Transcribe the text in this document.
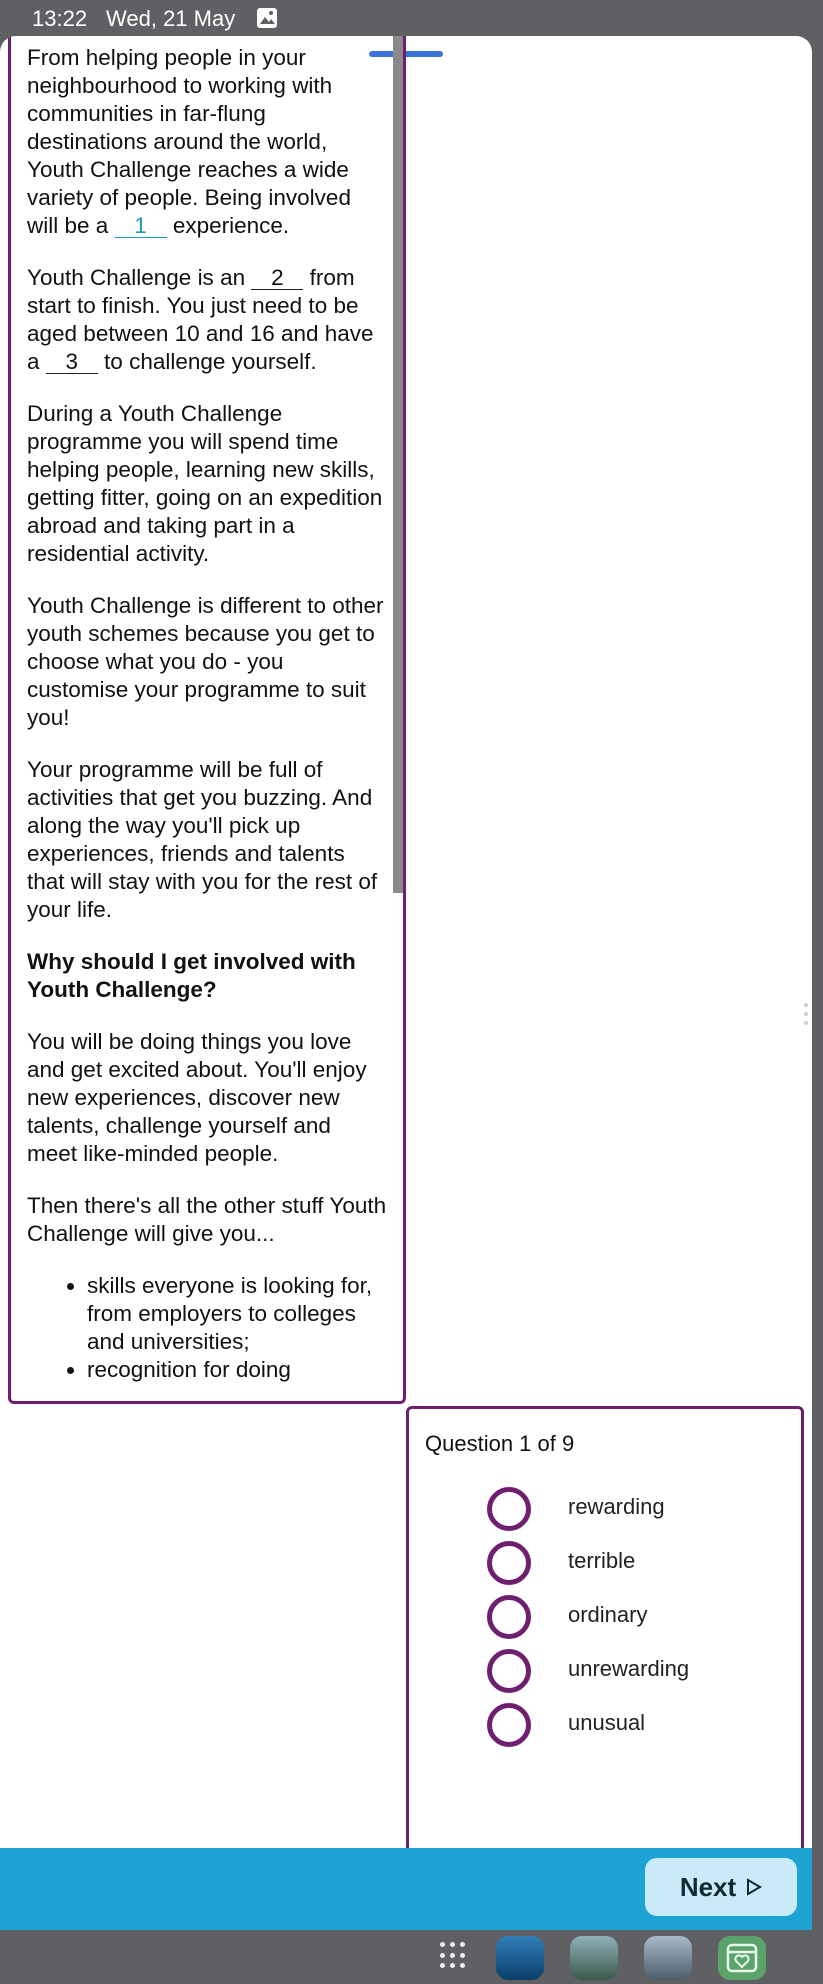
13:22 Wed, 21 May

From helping people in your neighbourhood to working with communities in far-flung destinations around the world, Youth Challenge reaches a wide variety of people. Being involved will be a 1 experience.

Youth Challenge is an 2 from start to finish. You just need to be aged between 10 and 16 and have a 3 to challenge yourself.

During a Youth Challenge programme you will spend time helping people, learning new skills, getting fitter, going on an expedition abroad and taking part in a residential activity.

Youth Challenge is different to other youth schemes because you get to choose what you do - you customise your programme to suit you!

Your programme will be full of activities that get you buzzing. And along the way you'll pick up experiences, friends and talents that will stay with you for the rest of your life.

Why should I get involved with Youth Challenge?

You will be doing things you love and get excited about. You'll enjoy new experiences, discover new talents, challenge yourself and meet like-minded people.

Then there's all the other stuff Youth Challenge will give you...

• skills everyone is looking for, from employers to colleges and universities;
• recognition for doing
Question 1 of 9
rewarding
terrible
ordinary
unrewarding
unusual
Next
